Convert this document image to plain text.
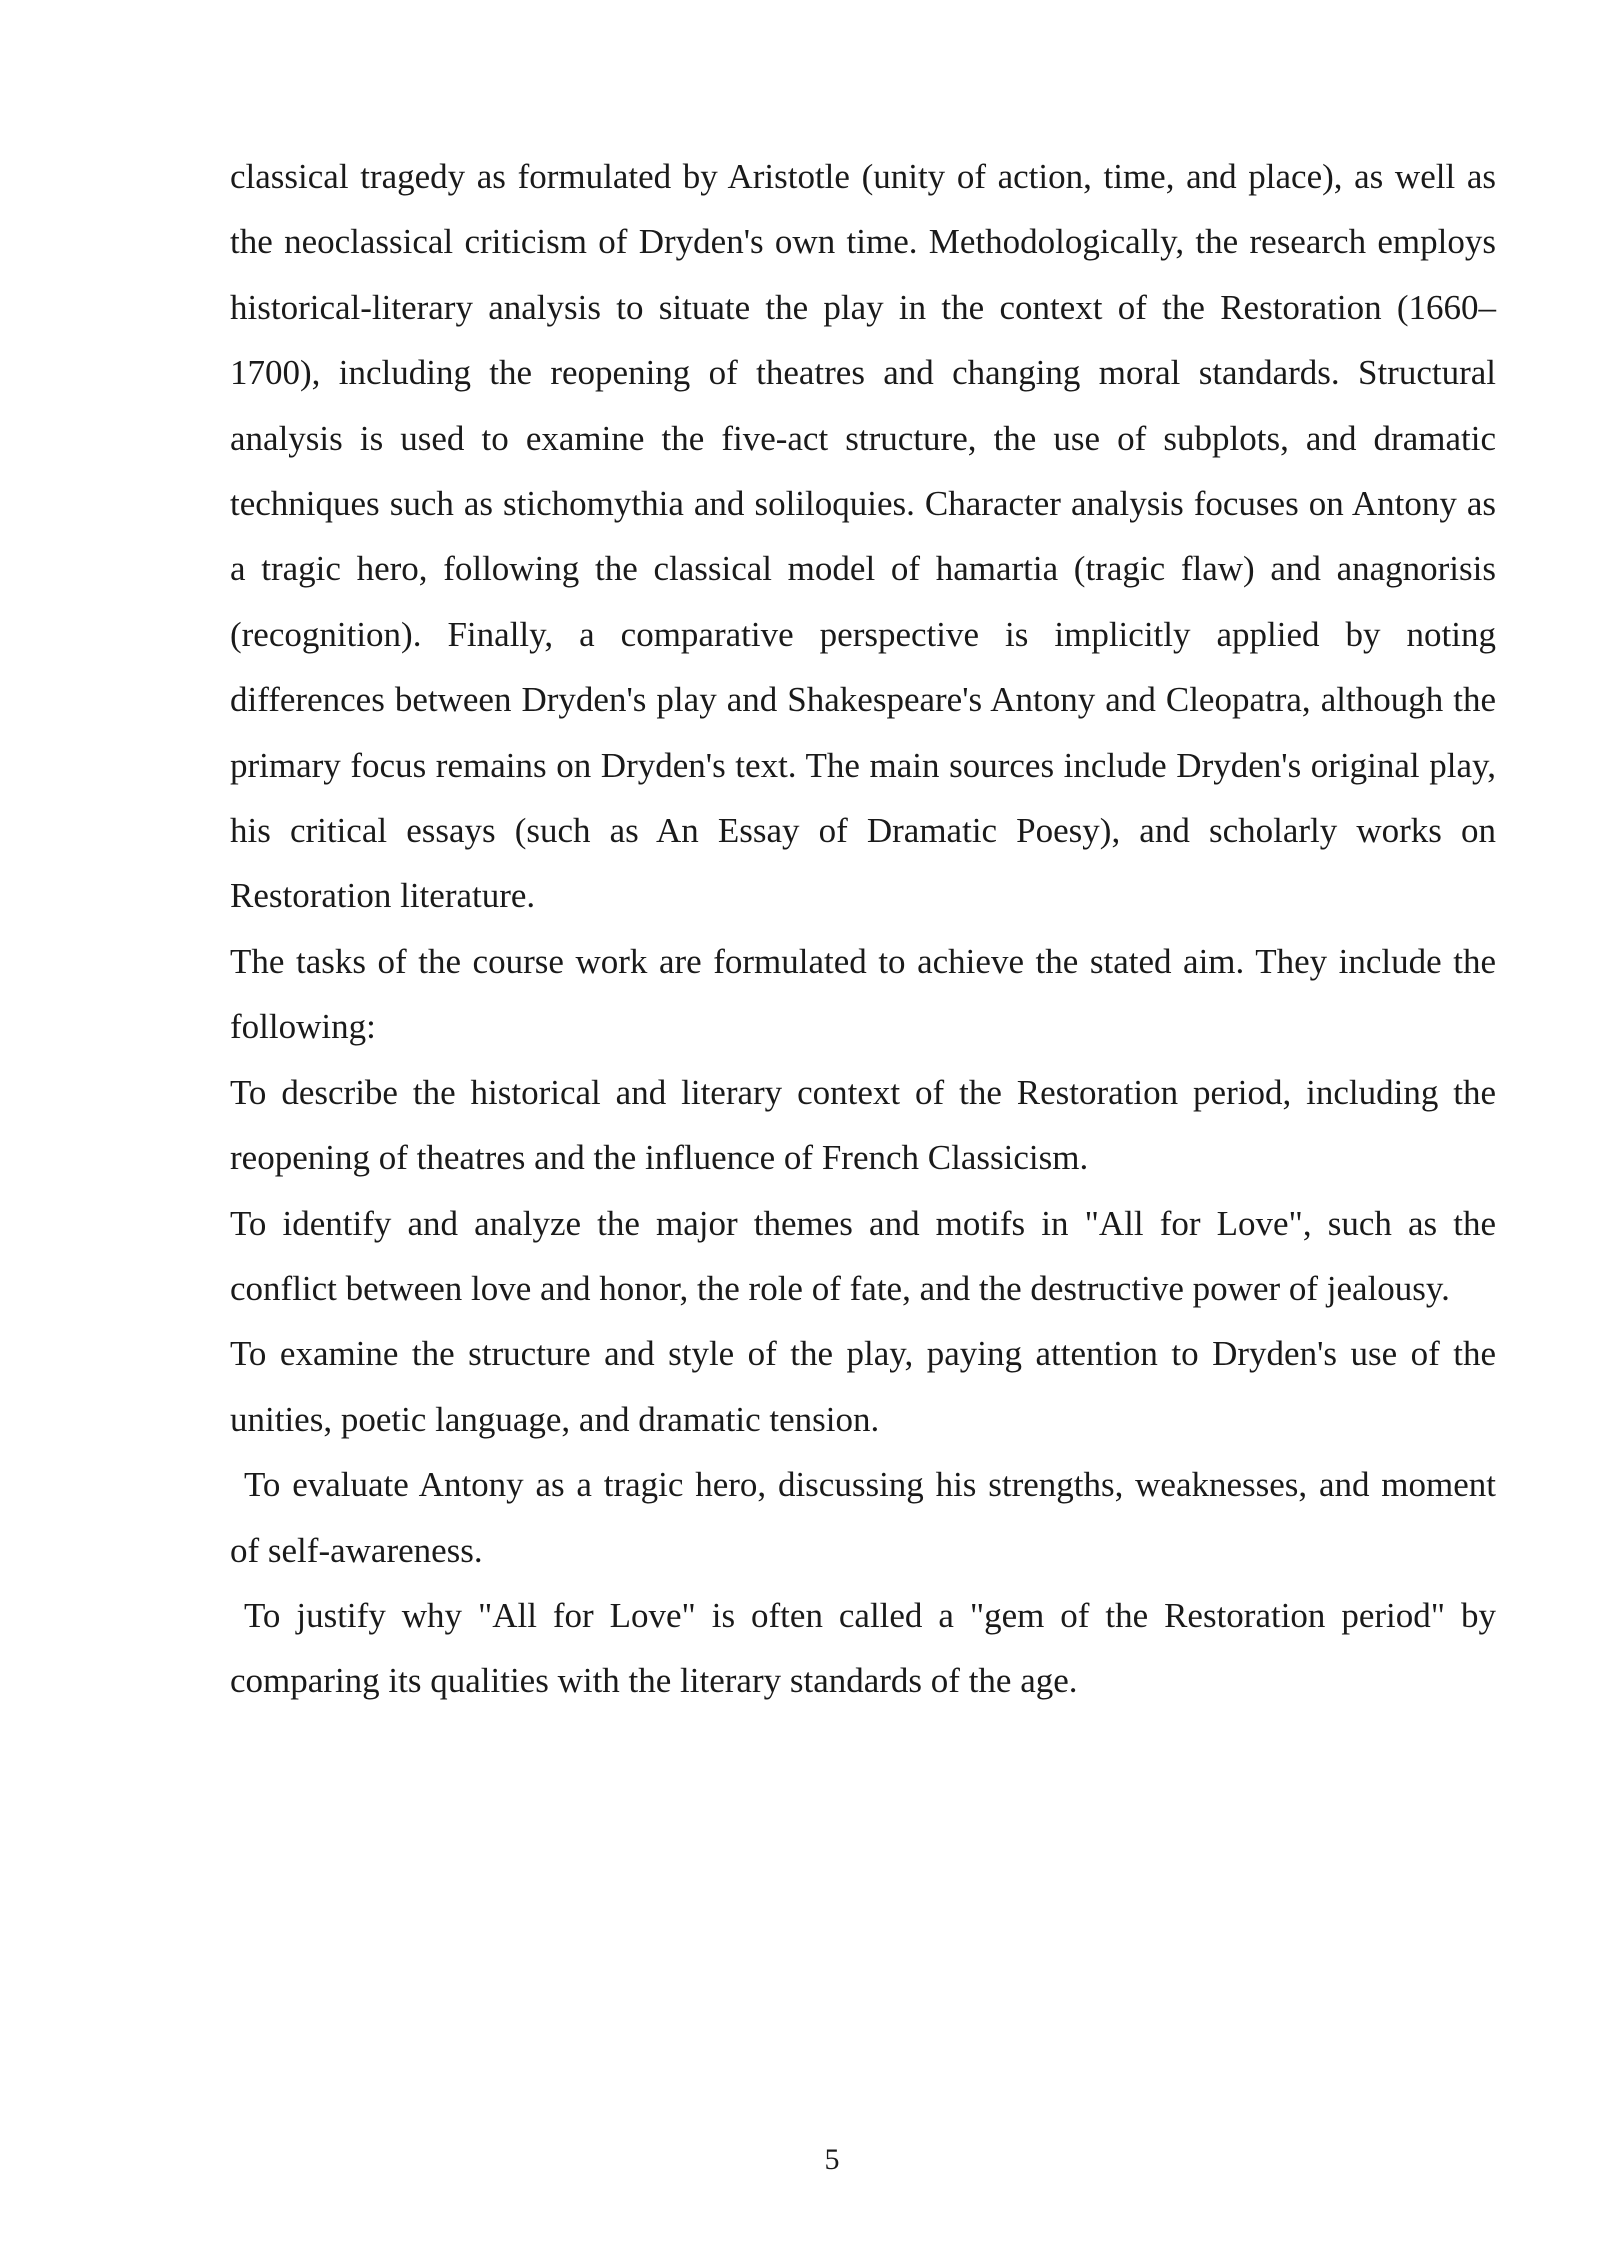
classical tragedy as formulated by Aristotle (unity of action, time, and place), as well as the neoclassical criticism of Dryden's own time. Methodologically, the research employs historical-literary analysis to situate the play in the context of the Restoration (1660–1700), including the reopening of theatres and changing moral standards. Structural analysis is used to examine the five-act structure, the use of subplots, and dramatic techniques such as stichomythia and soliloquies. Character analysis focuses on Antony as a tragic hero, following the classical model of hamartia (tragic flaw) and anagnorisis (recognition). Finally, a comparative perspective is implicitly applied by noting differences between Dryden's play and Shakespeare's Antony and Cleopatra, although the primary focus remains on Dryden's text. The main sources include Dryden's original play, his critical essays (such as An Essay of Dramatic Poesy), and scholarly works on Restoration literature.

The tasks of the course work are formulated to achieve the stated aim. They include the following:

To describe the historical and literary context of the Restoration period, including the reopening of theatres and the influence of French Classicism.

To identify and analyze the major themes and motifs in "All for Love", such as the conflict between love and honor, the role of fate, and the destructive power of jealousy.

To examine the structure and style of the play, paying attention to Dryden's use of the unities, poetic language, and dramatic tension.

To evaluate Antony as a tragic hero, discussing his strengths, weaknesses, and moment of self-awareness.

To justify why "All for Love" is often called a "gem of the Restoration period" by comparing its qualities with the literary standards of the age.

5
